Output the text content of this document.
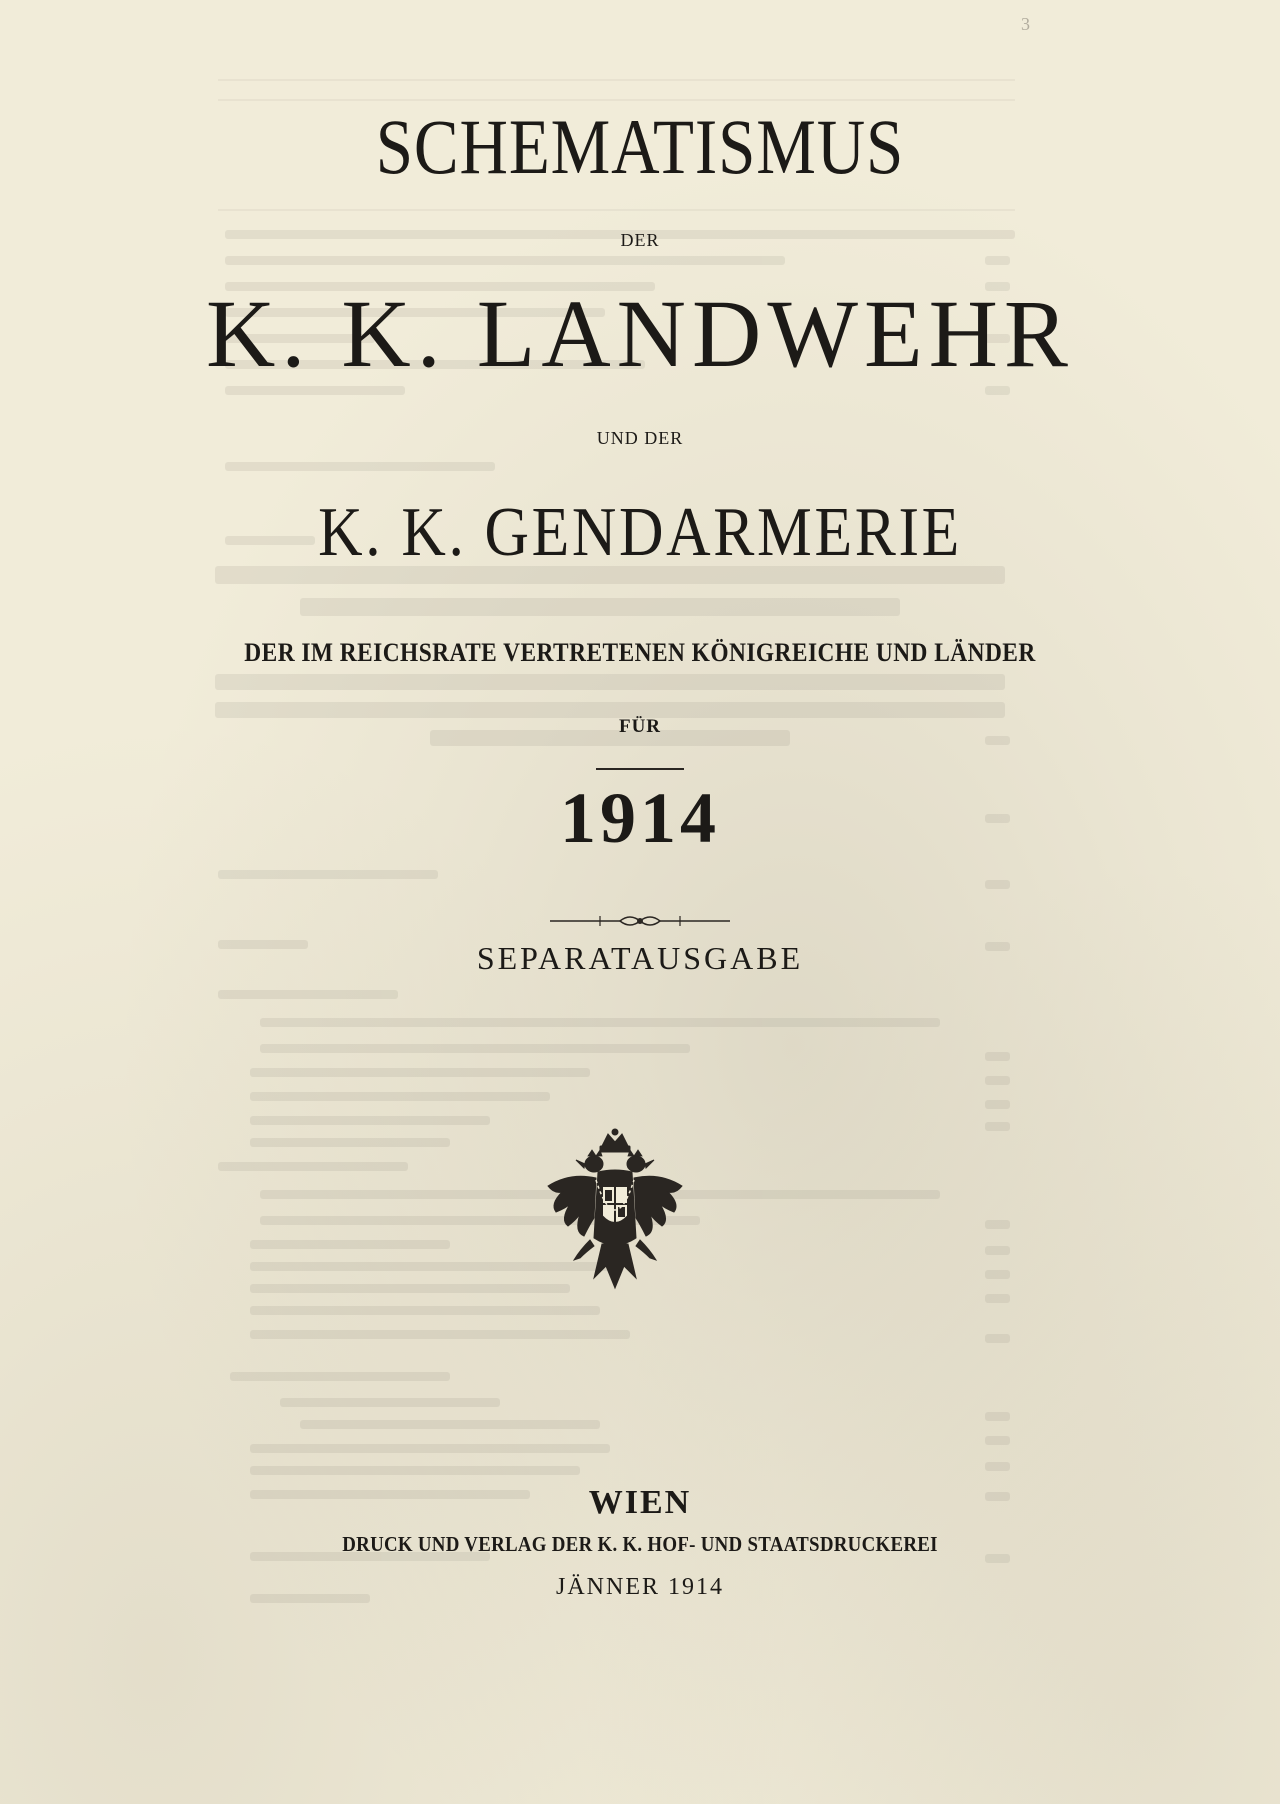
3
SCHEMATISMUS
DER
K. K. LANDWEHR
UND DER
K. K. GENDARMERIE
DER IM REICHSRATE VERTRETENEN KÖNIGREICHE UND LÄNDER
FÜR
1914
SEPARATAUSGABE
WIEN
DRUCK UND VERLAG DER K. K. HOF- UND STAATSDRUCKEREI
JÄNNER 1914
